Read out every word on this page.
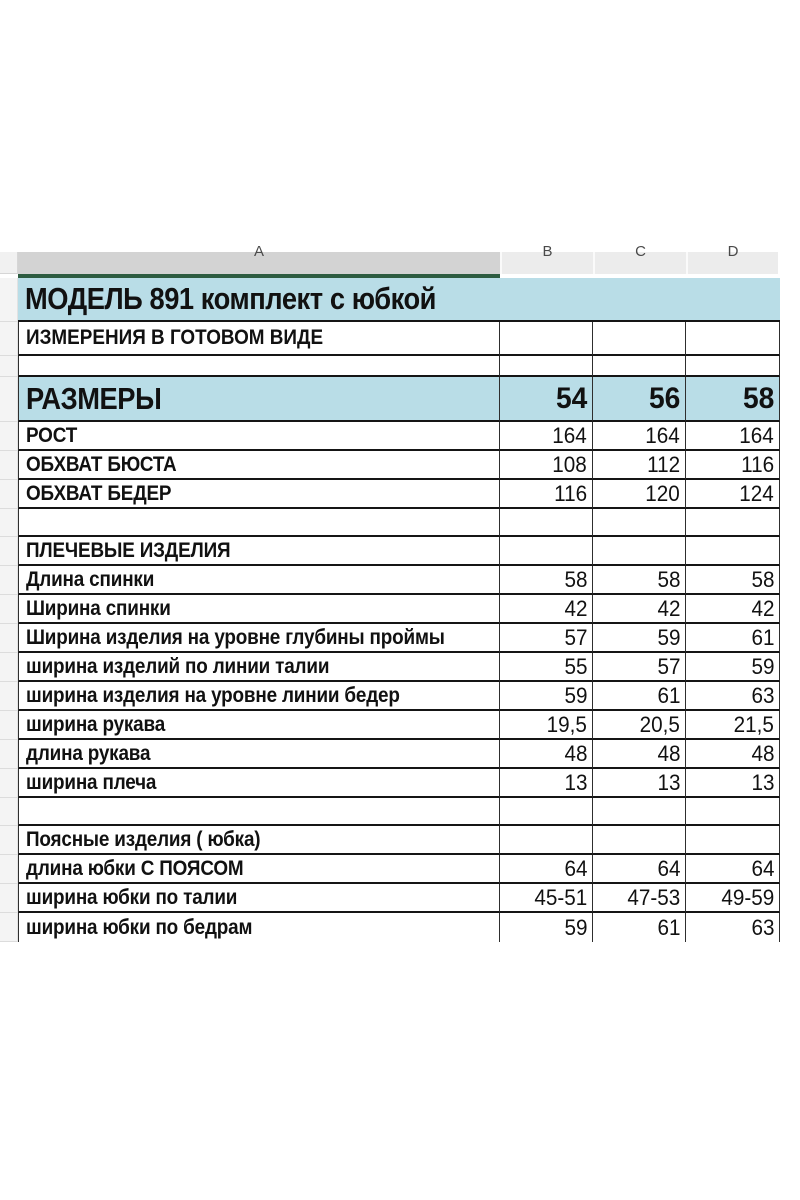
A	B	C	D
МОДЕЛЬ 891 комплект с юбкой
ИЗМЕРЕНИЯ В ГОТОВОМ ВИДЕ
РАЗМЕРЫ	54 56 58
РОСТ	164	164	164
ОБХВАТ БЮСТА	108	112	116
ОБХВАТ БЕДЕР	116	120	124
ПЛЕЧЕВЫЕ ИЗДЕЛИЯ
Длина спинки	58	58	58
Ширина спинки	42	42	42
Ширина изделия на уровне глубины проймы	57	59	61
ширина изделий по линии талии	55	57	59
ширина изделия на уровне линии бедер	59	61	63
ширина рукава	19,5 20,5 21,5
длина рукава	48	48	48
ширина плеча	13	13	13
Поясные изделия ( юбка)
длина юбки С ПОЯСОМ	64	64	64
ширина юбки по талии	45-51 47-53 49-59
ширина юбки по бедрам	59	61	63
